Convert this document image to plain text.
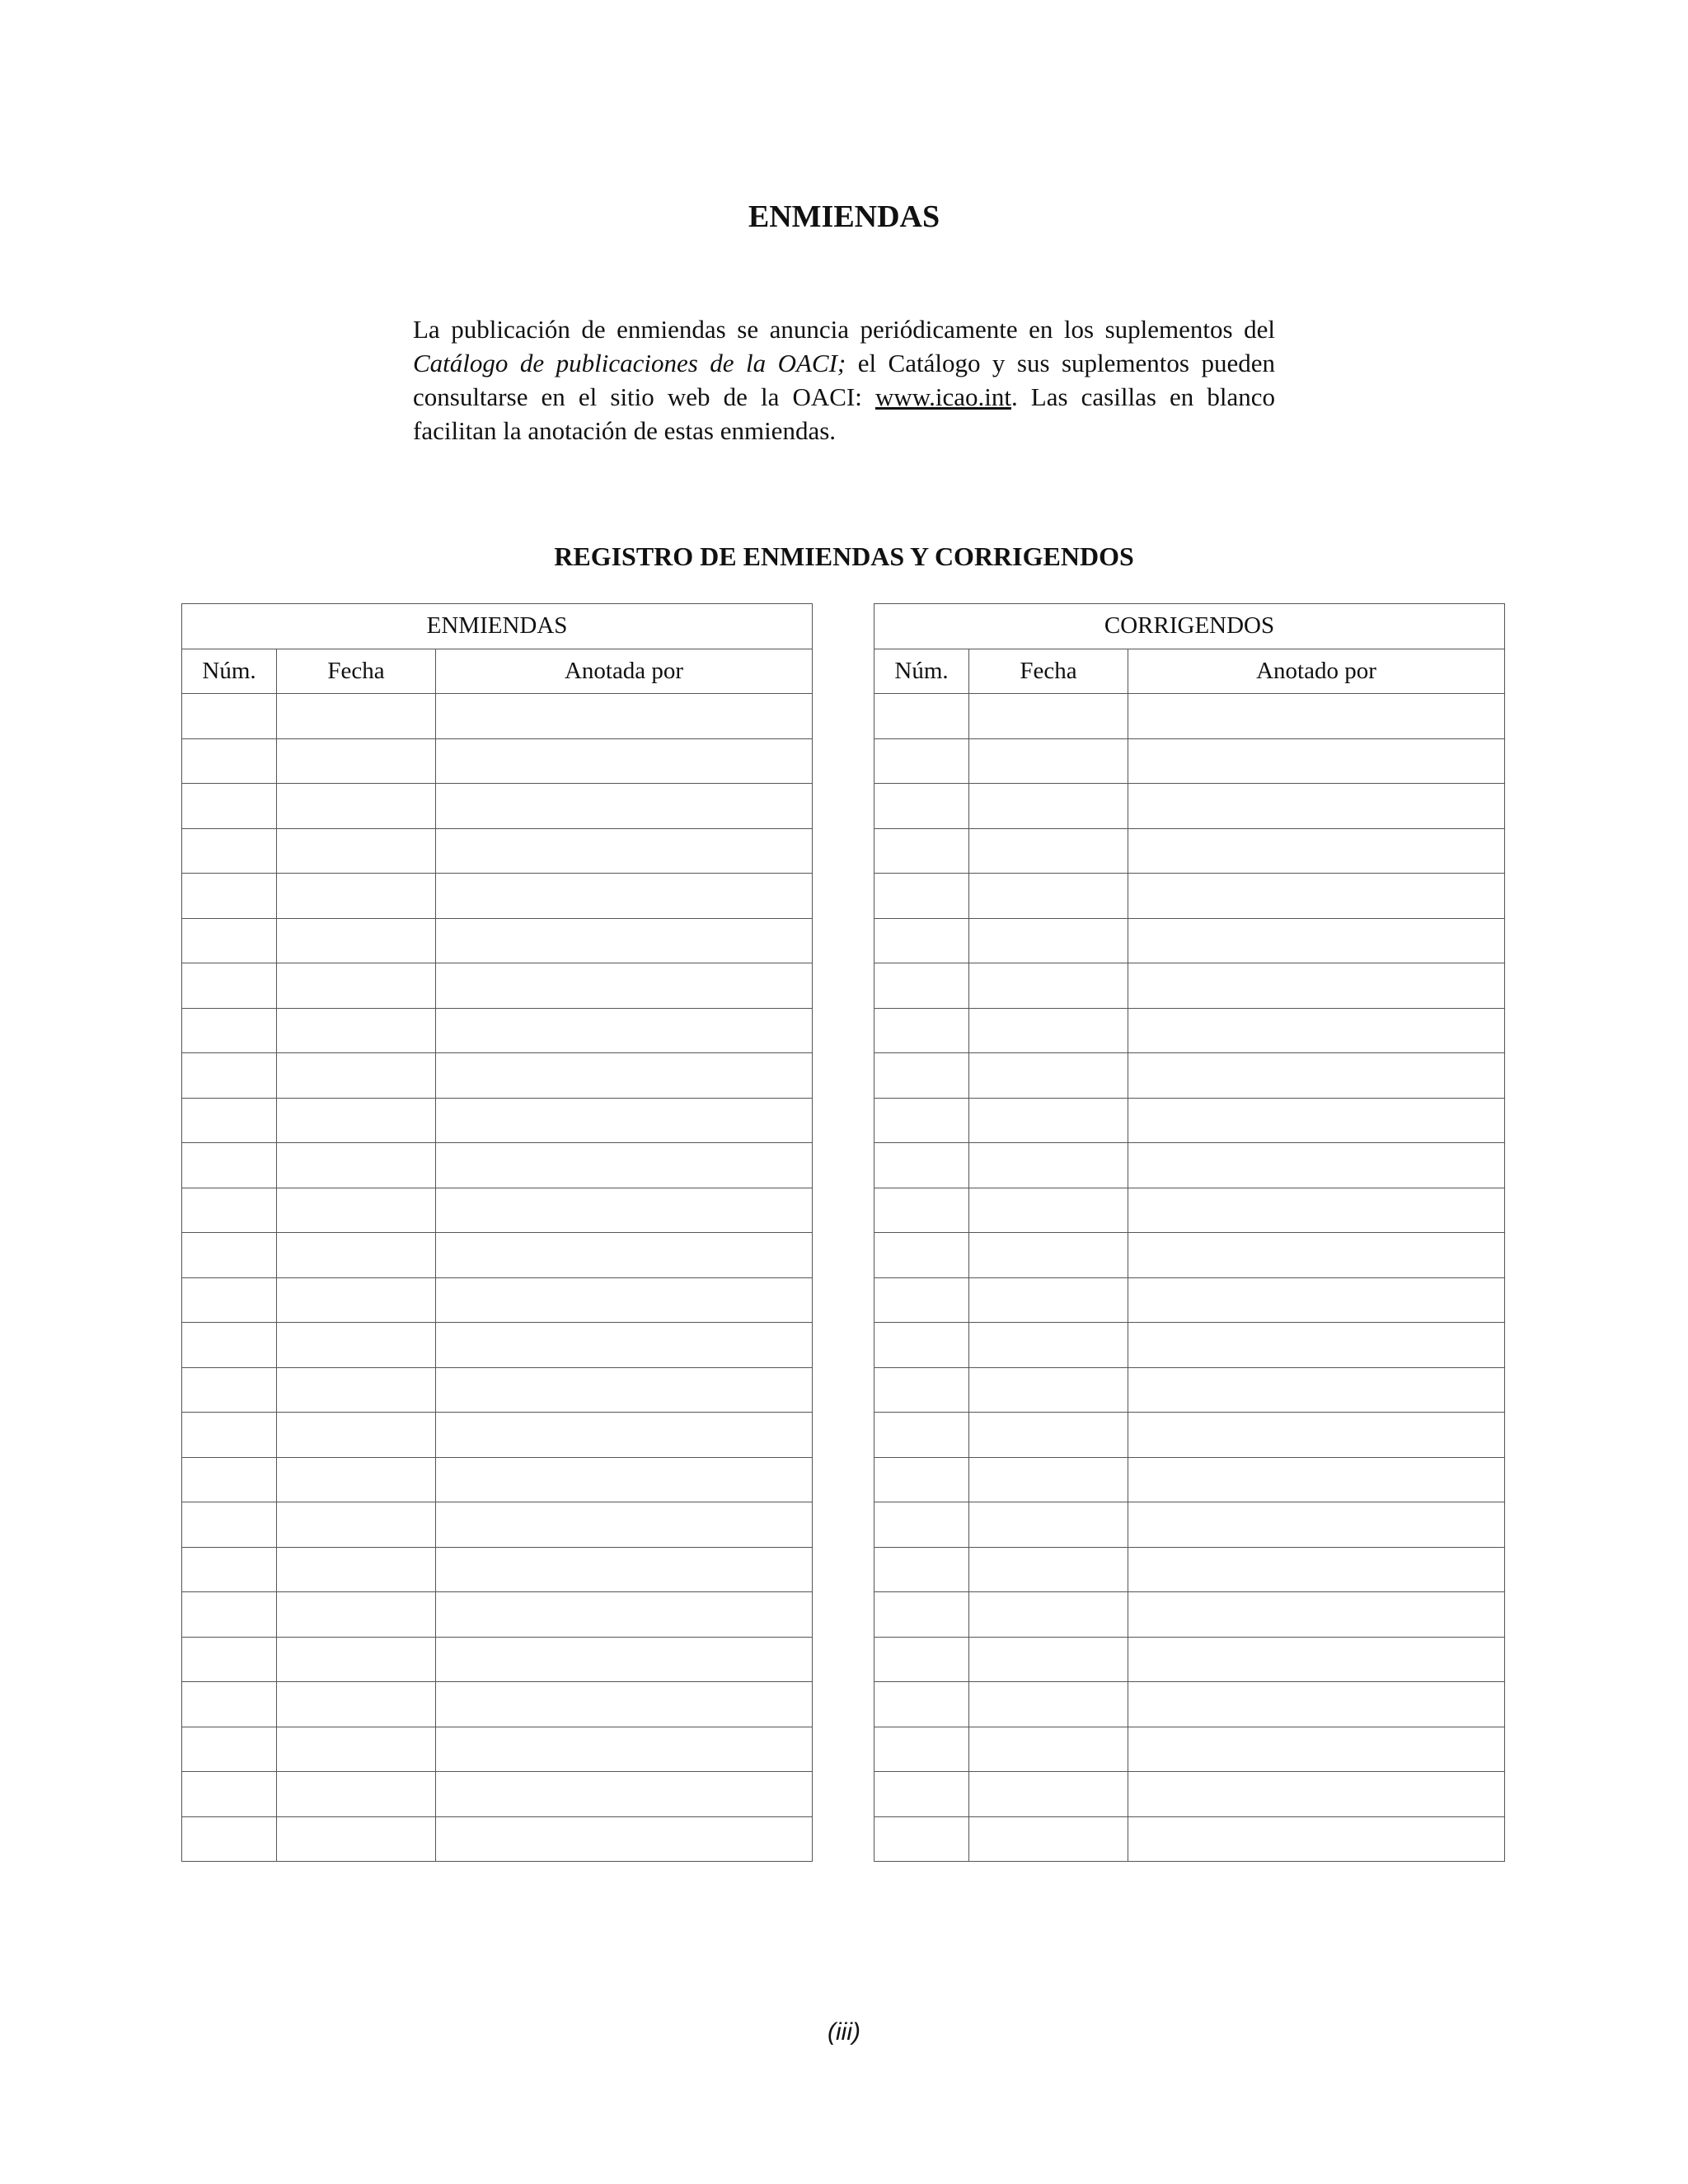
ENMIENDAS
La publicación de enmiendas se anuncia periódicamente en los suplementos del Catálogo de publicaciones de la OACI; el Catálogo y sus suplementos pueden consultarse en el sitio web de la OACI: www.icao.int. Las casillas en blanco facilitan la anotación de estas enmiendas.
REGISTRO DE ENMIENDAS Y CORRIGENDOS
ENMIENDAS		
Núm.	Fecha	Anotada por

CORRIGENDOS		
Núm.	Fecha	Anotado por

(iii)
